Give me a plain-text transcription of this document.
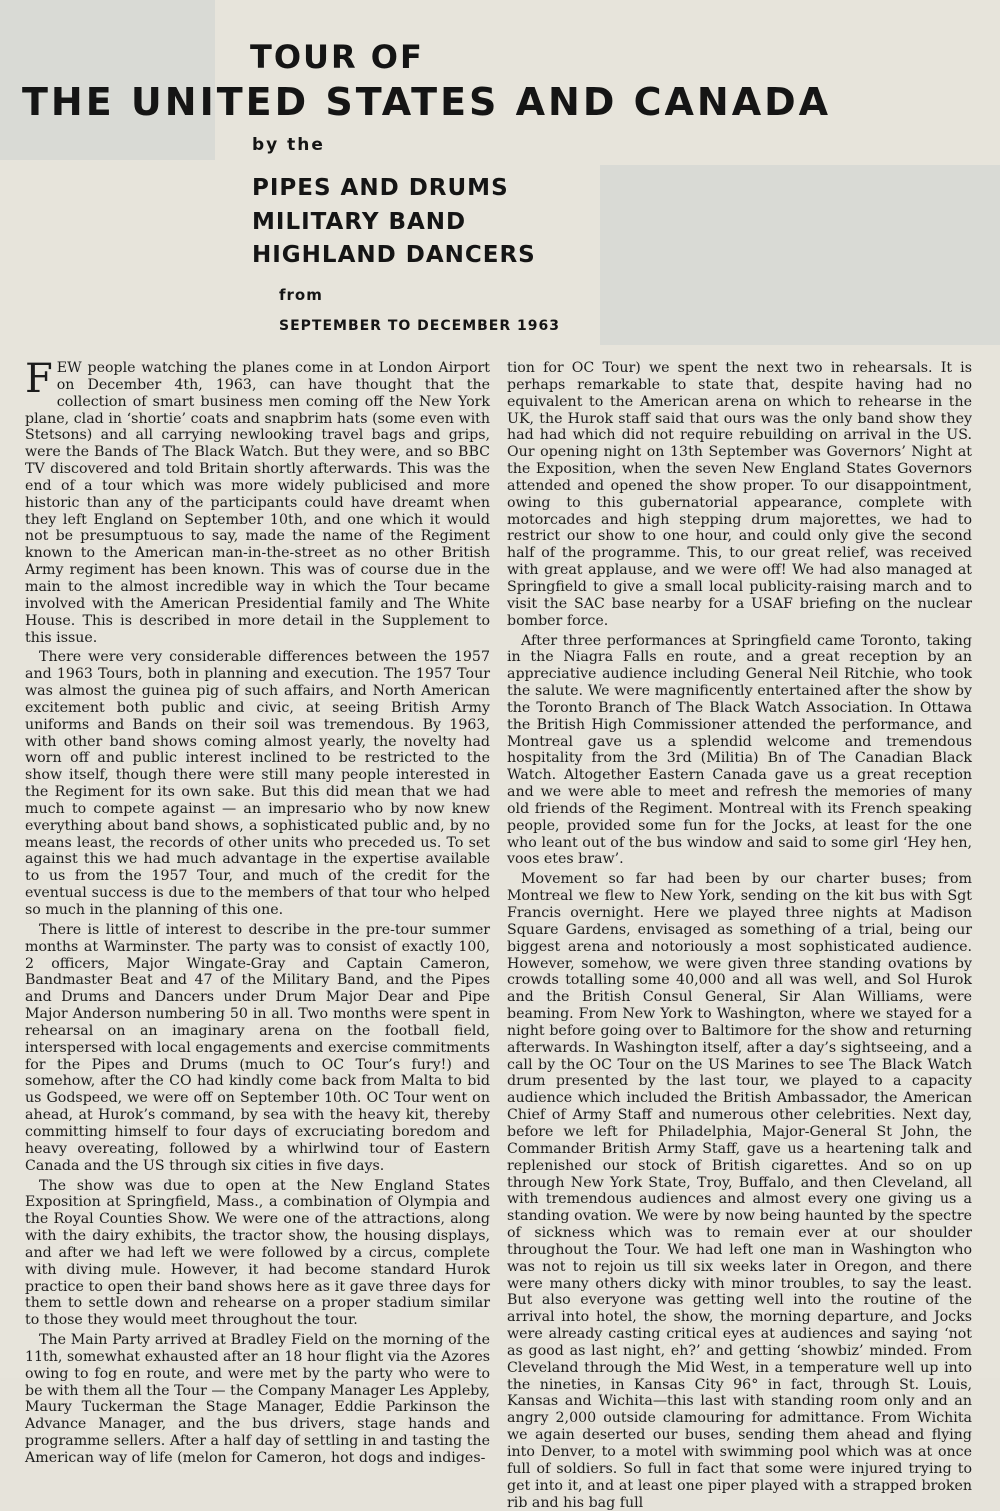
TOUR OF
THE UNITED STATES AND CANADA
by the
PIPES AND DRUMS
MILITARY BAND
HIGHLAND DANCERS
from
SEPTEMBER TO DECEMBER 1963

FEW people watching the planes come in at London Airport on December 4th, 1963, can have thought that the collection of smart business men coming off the New York plane, clad in ‘shortie’ coats and snapbrim hats (some even with Stetsons) and all carrying newlooking travel bags and grips, were the Bands of The Black Watch. But they were, and so BBC TV discovered and told Britain shortly afterwards. This was the end of a tour which was more widely publicised and more historic than any of the participants could have dreamt when they left England on September 10th, and one which it would not be presumptuous to say, made the name of the Regiment known to the American man-in-the-street as no other British Army regiment has been known. This was of course due in the main to the almost incredible way in which the Tour became involved with the American Presidential family and The White House. This is described in more detail in the Supplement to this issue.

There were very considerable differences between the 1957 and 1963 Tours, both in planning and execution. The 1957 Tour was almost the guinea pig of such affairs, and North American excitement both public and civic, at seeing British Army uniforms and Bands on their soil was tremendous. By 1963, with other band shows coming almost yearly, the novelty had worn off and public interest inclined to be restricted to the show itself, though there were still many people interested in the Regiment for its own sake. But this did mean that we had much to compete against — an impresario who by now knew everything about band shows, a sophisticated public and, by no means least, the records of other units who preceded us. To set against this we had much advantage in the expertise available to us from the 1957 Tour, and much of the credit for the eventual success is due to the members of that tour who helped so much in the planning of this one.

There is little of interest to describe in the pre-tour summer months at Warminster. The party was to consist of exactly 100, 2 officers, Major Wingate-Gray and Captain Cameron, Bandmaster Beat and 47 of the Military Band, and the Pipes and Drums and Dancers under Drum Major Dear and Pipe Major Anderson numbering 50 in all. Two months were spent in rehearsal on an imaginary arena on the football field, interspersed with local engagements and exercise commitments for the Pipes and Drums (much to OC Tour’s fury!) and somehow, after the CO had kindly come back from Malta to bid us Godspeed, we were off on September 10th. OC Tour went on ahead, at Hurok’s command, by sea with the heavy kit, thereby committing himself to four days of excruciating boredom and heavy overeating, followed by a whirlwind tour of Eastern Canada and the US through six cities in five days.

The show was due to open at the New England States Exposition at Springfield, Mass., a combination of Olympia and the Royal Counties Show. We were one of the attractions, along with the dairy exhibits, the tractor show, the housing displays, and after we had left we were followed by a circus, complete with diving mule. However, it had become standard Hurok practice to open their band shows here as it gave three days for them to settle down and rehearse on a proper stadium similar to those they would meet throughout the tour.

The Main Party arrived at Bradley Field on the morning of the 11th, somewhat exhausted after an 18 hour flight via the Azores owing to fog en route, and were met by the party who were to be with them all the Tour — the Company Manager Les Appleby, Maury Tuckerman the Stage Manager, Eddie Parkinson the Advance Manager, and the bus drivers, stage hands and programme sellers. After a half day of settling in and tasting the American way of life (melon for Cameron, hot dogs and indiges-

tion for OC Tour) we spent the next two in rehearsals. It is perhaps remarkable to state that, despite having had no equivalent to the American arena on which to rehearse in the UK, the Hurok staff said that ours was the only band show they had had which did not require rebuilding on arrival in the US. Our opening night on 13th September was Governors’ Night at the Exposition, when the seven New England States Governors attended and opened the show proper. To our disappointment, owing to this gubernatorial appearance, complete with motorcades and high stepping drum majorettes, we had to restrict our show to one hour, and could only give the second half of the programme. This, to our great relief, was received with great applause, and we were off! We had also managed at Springfield to give a small local publicity-raising march and to visit the SAC base nearby for a USAF briefing on the nuclear bomber force.

After three performances at Springfield came Toronto, taking in the Niagra Falls en route, and a great reception by an appreciative audience including General Neil Ritchie, who took the salute. We were magnificently entertained after the show by the Toronto Branch of The Black Watch Association. In Ottawa the British High Commissioner attended the performance, and Montreal gave us a splendid welcome and tremendous hospitality from the 3rd (Militia) Bn of The Canadian Black Watch. Altogether Eastern Canada gave us a great reception and we were able to meet and refresh the memories of many old friends of the Regiment. Montreal with its French speaking people, provided some fun for the Jocks, at least for the one who leant out of the bus window and said to some girl ‘Hey hen, voos etes braw’.

Movement so far had been by our charter buses; from Montreal we flew to New York, sending on the kit bus with Sgt Francis overnight. Here we played three nights at Madison Square Gardens, envisaged as something of a trial, being our biggest arena and notoriously a most sophisticated audience. However, somehow, we were given three standing ovations by crowds totalling some 40,000 and all was well, and Sol Hurok and the British Consul General, Sir Alan Williams, were beaming. From New York to Washington, where we stayed for a night before going over to Baltimore for the show and returning afterwards. In Washington itself, after a day’s sightseeing, and a call by the OC Tour on the US Marines to see The Black Watch drum presented by the last tour, we played to a capacity audience which included the British Ambassador, the American Chief of Army Staff and numerous other celebrities. Next day, before we left for Philadelphia, Major-General St John, the Commander British Army Staff, gave us a heartening talk and replenished our stock of British cigarettes. And so on up through New York State, Troy, Buffalo, and then Cleveland, all with tremendous audiences and almost every one giving us a standing ovation. We were by now being haunted by the spectre of sickness which was to remain ever at our shoulder throughout the Tour. We had left one man in Washington who was not to rejoin us till six weeks later in Oregon, and there were many others dicky with minor troubles, to say the least. But also everyone was getting well into the routine of the arrival into hotel, the show, the morning departure, and Jocks were already casting critical eyes at audiences and saying ‘not as good as last night, eh?’ and getting ‘showbiz’ minded. From Cleveland through the Mid West, in a temperature well up into the nineties, in Kansas City 96° in fact, through St. Louis, Kansas and Wichita—this last with standing room only and an angry 2,000 outside clamouring for admittance. From Wichita we again deserted our buses, sending them ahead and flying into Denver, to a motel with swimming pool which was at once full of soldiers. So full in fact that some were injured trying to get into it, and at least one piper played with a strapped broken rib and his bag full
